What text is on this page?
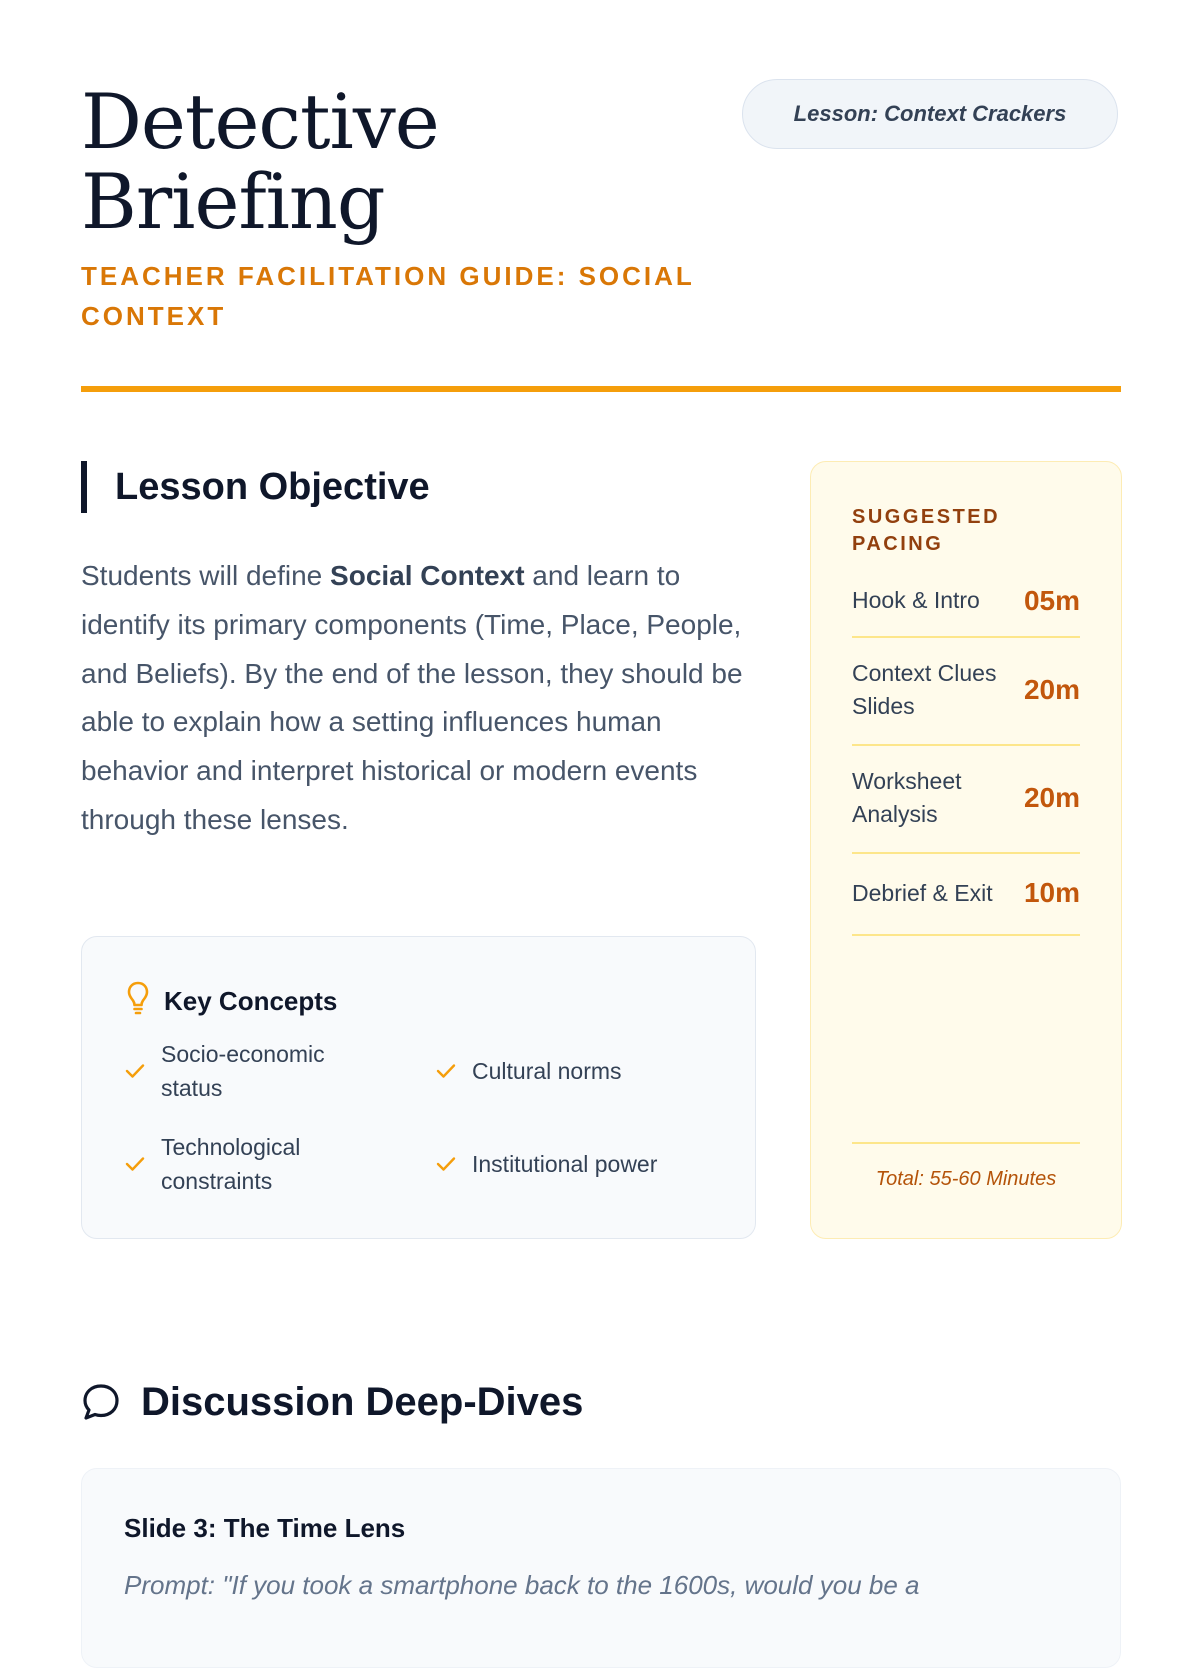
Detective
Briefing
TEACHER FACILITATION GUIDE: SOCIAL CONTEXT
Lesson: Context Crackers
Lesson Objective

Students will define Social Context and learn to identify its primary components (Time, Place, People, and Beliefs). By the end of the lesson, they should be able to explain how a setting influences human behavior and interpret historical or modern events through these lenses.

Key Concepts
Socio-economic status
Cultural norms
Technological constraints
Institutional power
SUGGESTED PACING
Hook & Intro 05m
Context Clues Slides
20m
Worksheet Analysis
20m
Debrief & Exit 10m
Total: 55-60 Minutes
Discussion Deep-Dives
Slide 3: The Time Lens
Prompt: "If you took a smartphone back to the 1600s, would you be a
